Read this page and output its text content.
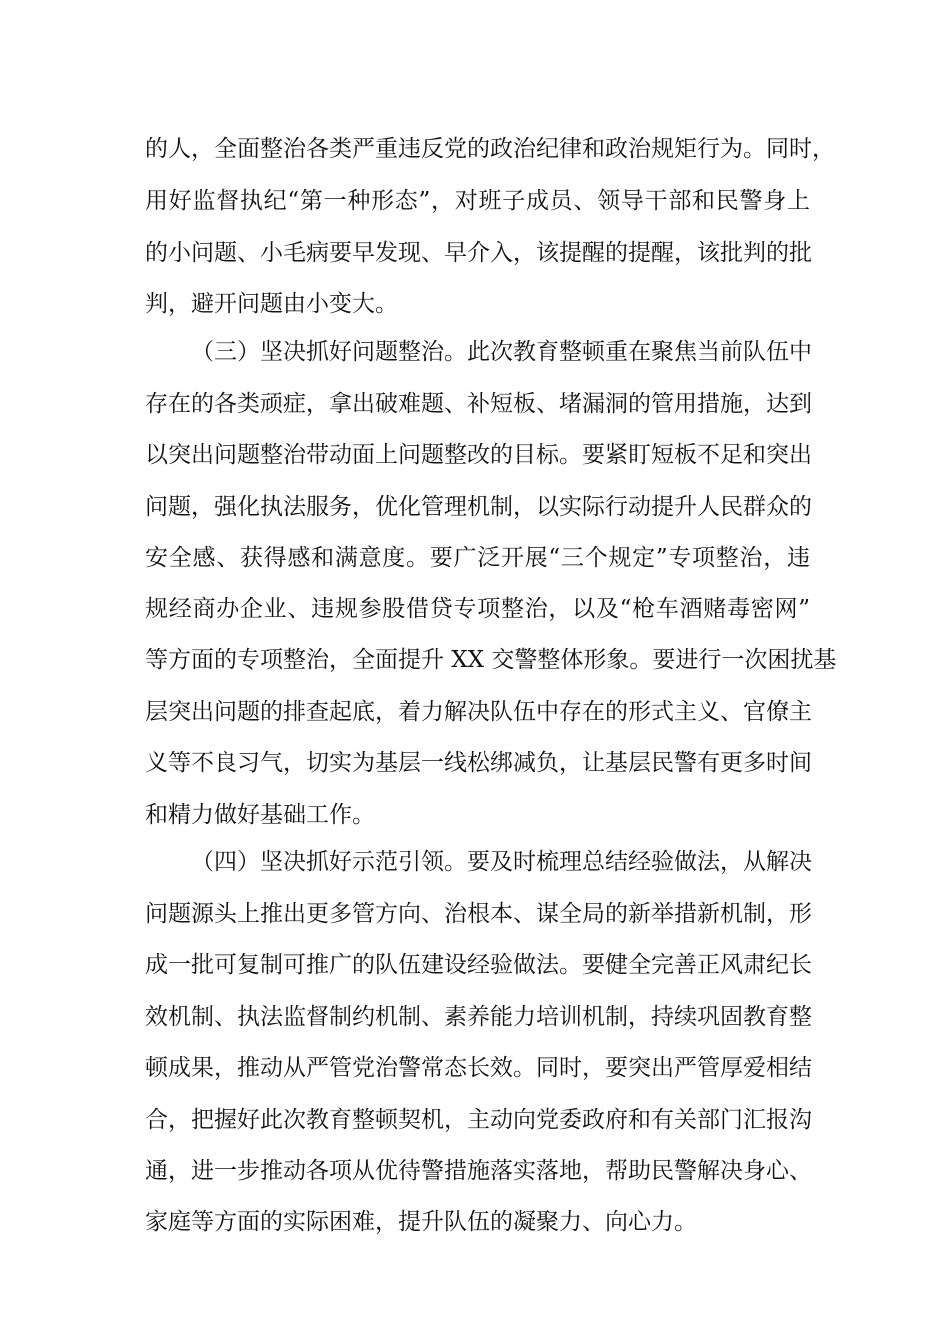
的人，全面整治各类严重违反党的政治纪律和政治规矩行为。同时，

用好监督执纪“第一种形态”，对班子成员、领导干部和民警身上

的小问题、小毛病要早发现、早介入，该提醒的提醒，该批判的批

判，避开问题由小变大。

（三）坚决抓好问题整治。此次教育整顿重在聚焦当前队伍中

存在的各类顽症，拿出破难题、补短板、堵漏洞的管用措施，达到

以突出问题整治带动面上问题整改的目标。要紧盯短板不足和突出

问题，强化执法服务，优化管理机制，以实际行动提升人民群众的

安全感、获得感和满意度。要广泛开展“三个规定”专项整治，违

规经商办企业、违规参股借贷专项整治，以及“枪车酒赌毒密网”

等方面的专项整治，全面提升 XX 交警整体形象。要进行一次困扰基

层突出问题的排查起底，着力解决队伍中存在的形式主义、官僚主

义等不良习气，切实为基层一线松绑减负，让基层民警有更多时间

和精力做好基础工作。

（四）坚决抓好示范引领。要及时梳理总结经验做法，从解决

问题源头上推出更多管方向、治根本、谋全局的新举措新机制，形

成一批可复制可推广的队伍建设经验做法。要健全完善正风肃纪长

效机制、执法监督制约机制、素养能力培训机制，持续巩固教育整

顿成果，推动从严管党治警常态长效。同时，要突出严管厚爱相结

合，把握好此次教育整顿契机，主动向党委政府和有关部门汇报沟

通，进一步推动各项从优待警措施落实落地，帮助民警解决身心、

家庭等方面的实际困难，提升队伍的凝聚力、向心力。
